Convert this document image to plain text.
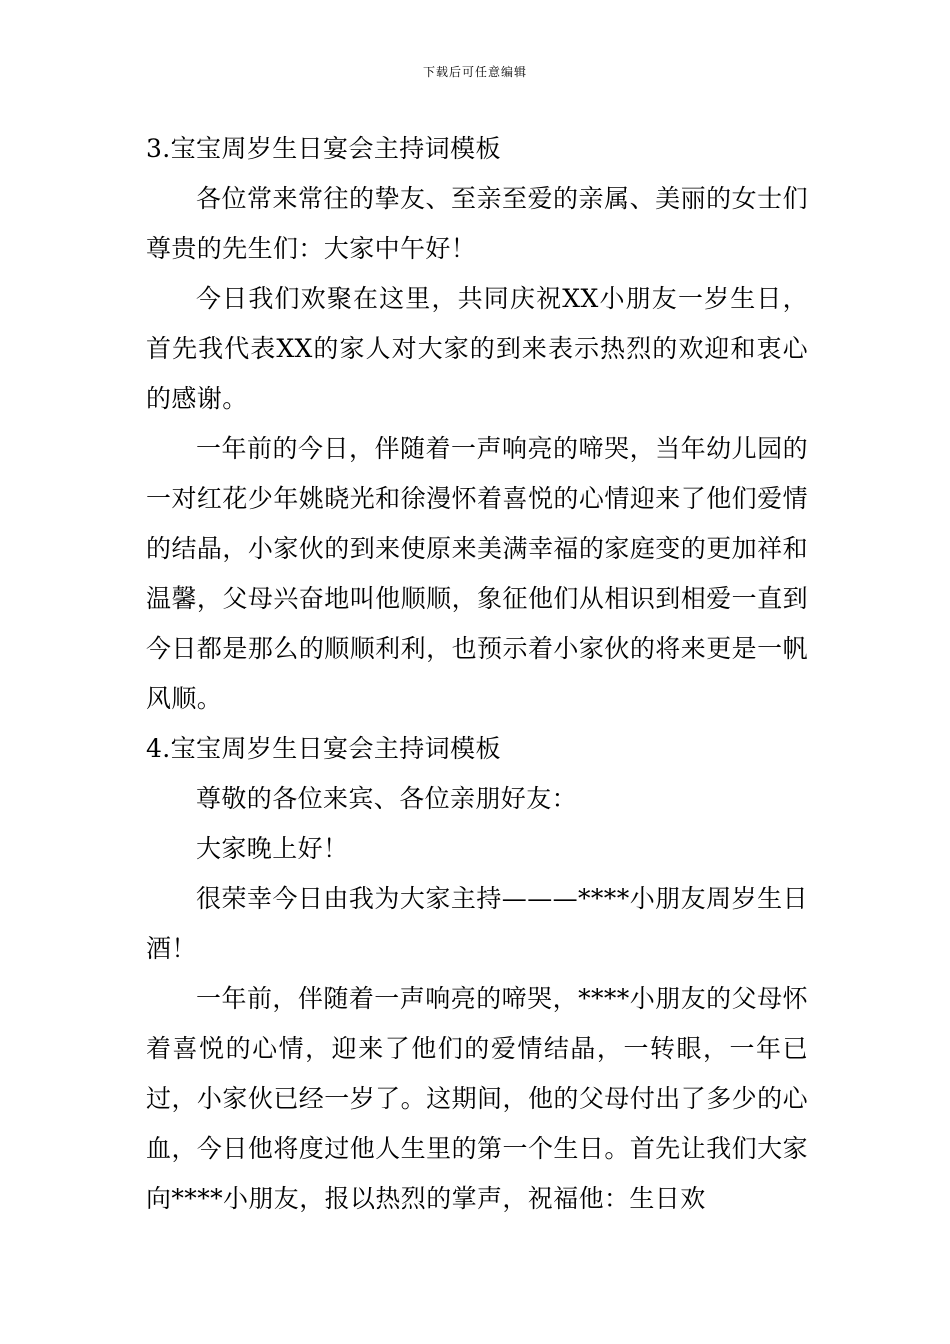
下载后可任意编辑
3.宝宝周岁生日宴会主持词模板

各位常来常往的挚友、至亲至爱的亲属、美丽的女士们尊贵的先生们：大家中午好！

今日我们欢聚在这里，共同庆祝XX小朋友一岁生日，首先我代表XX的家人对大家的到来表示热烈的欢迎和衷心的感谢。

一年前的今日，伴随着一声响亮的啼哭，当年幼儿园的一对红花少年姚晓光和徐漫怀着喜悦的心情迎来了他们爱情的结晶，小家伙的到来使原来美满幸福的家庭变的更加祥和温馨，父母兴奋地叫他顺顺，象征他们从相识到相爱一直到今日都是那么的顺顺利利，也预示着小家伙的将来更是一帆风顺。

4.宝宝周岁生日宴会主持词模板

尊敬的各位来宾、各位亲朋好友：

大家晚上好！

很荣幸今日由我为大家主持———****小朋友周岁生日酒！

一年前，伴随着一声响亮的啼哭，****小朋友的父母怀着喜悦的心情，迎来了他们的爱情结晶，一转眼，一年已过，小家伙已经一岁了。这期间，他的父母付出了多少的心血，今日他将度过他人生里的第一个生日。首先让我们大家向****小朋友，报以热烈的掌声，祝福他：生日欢
